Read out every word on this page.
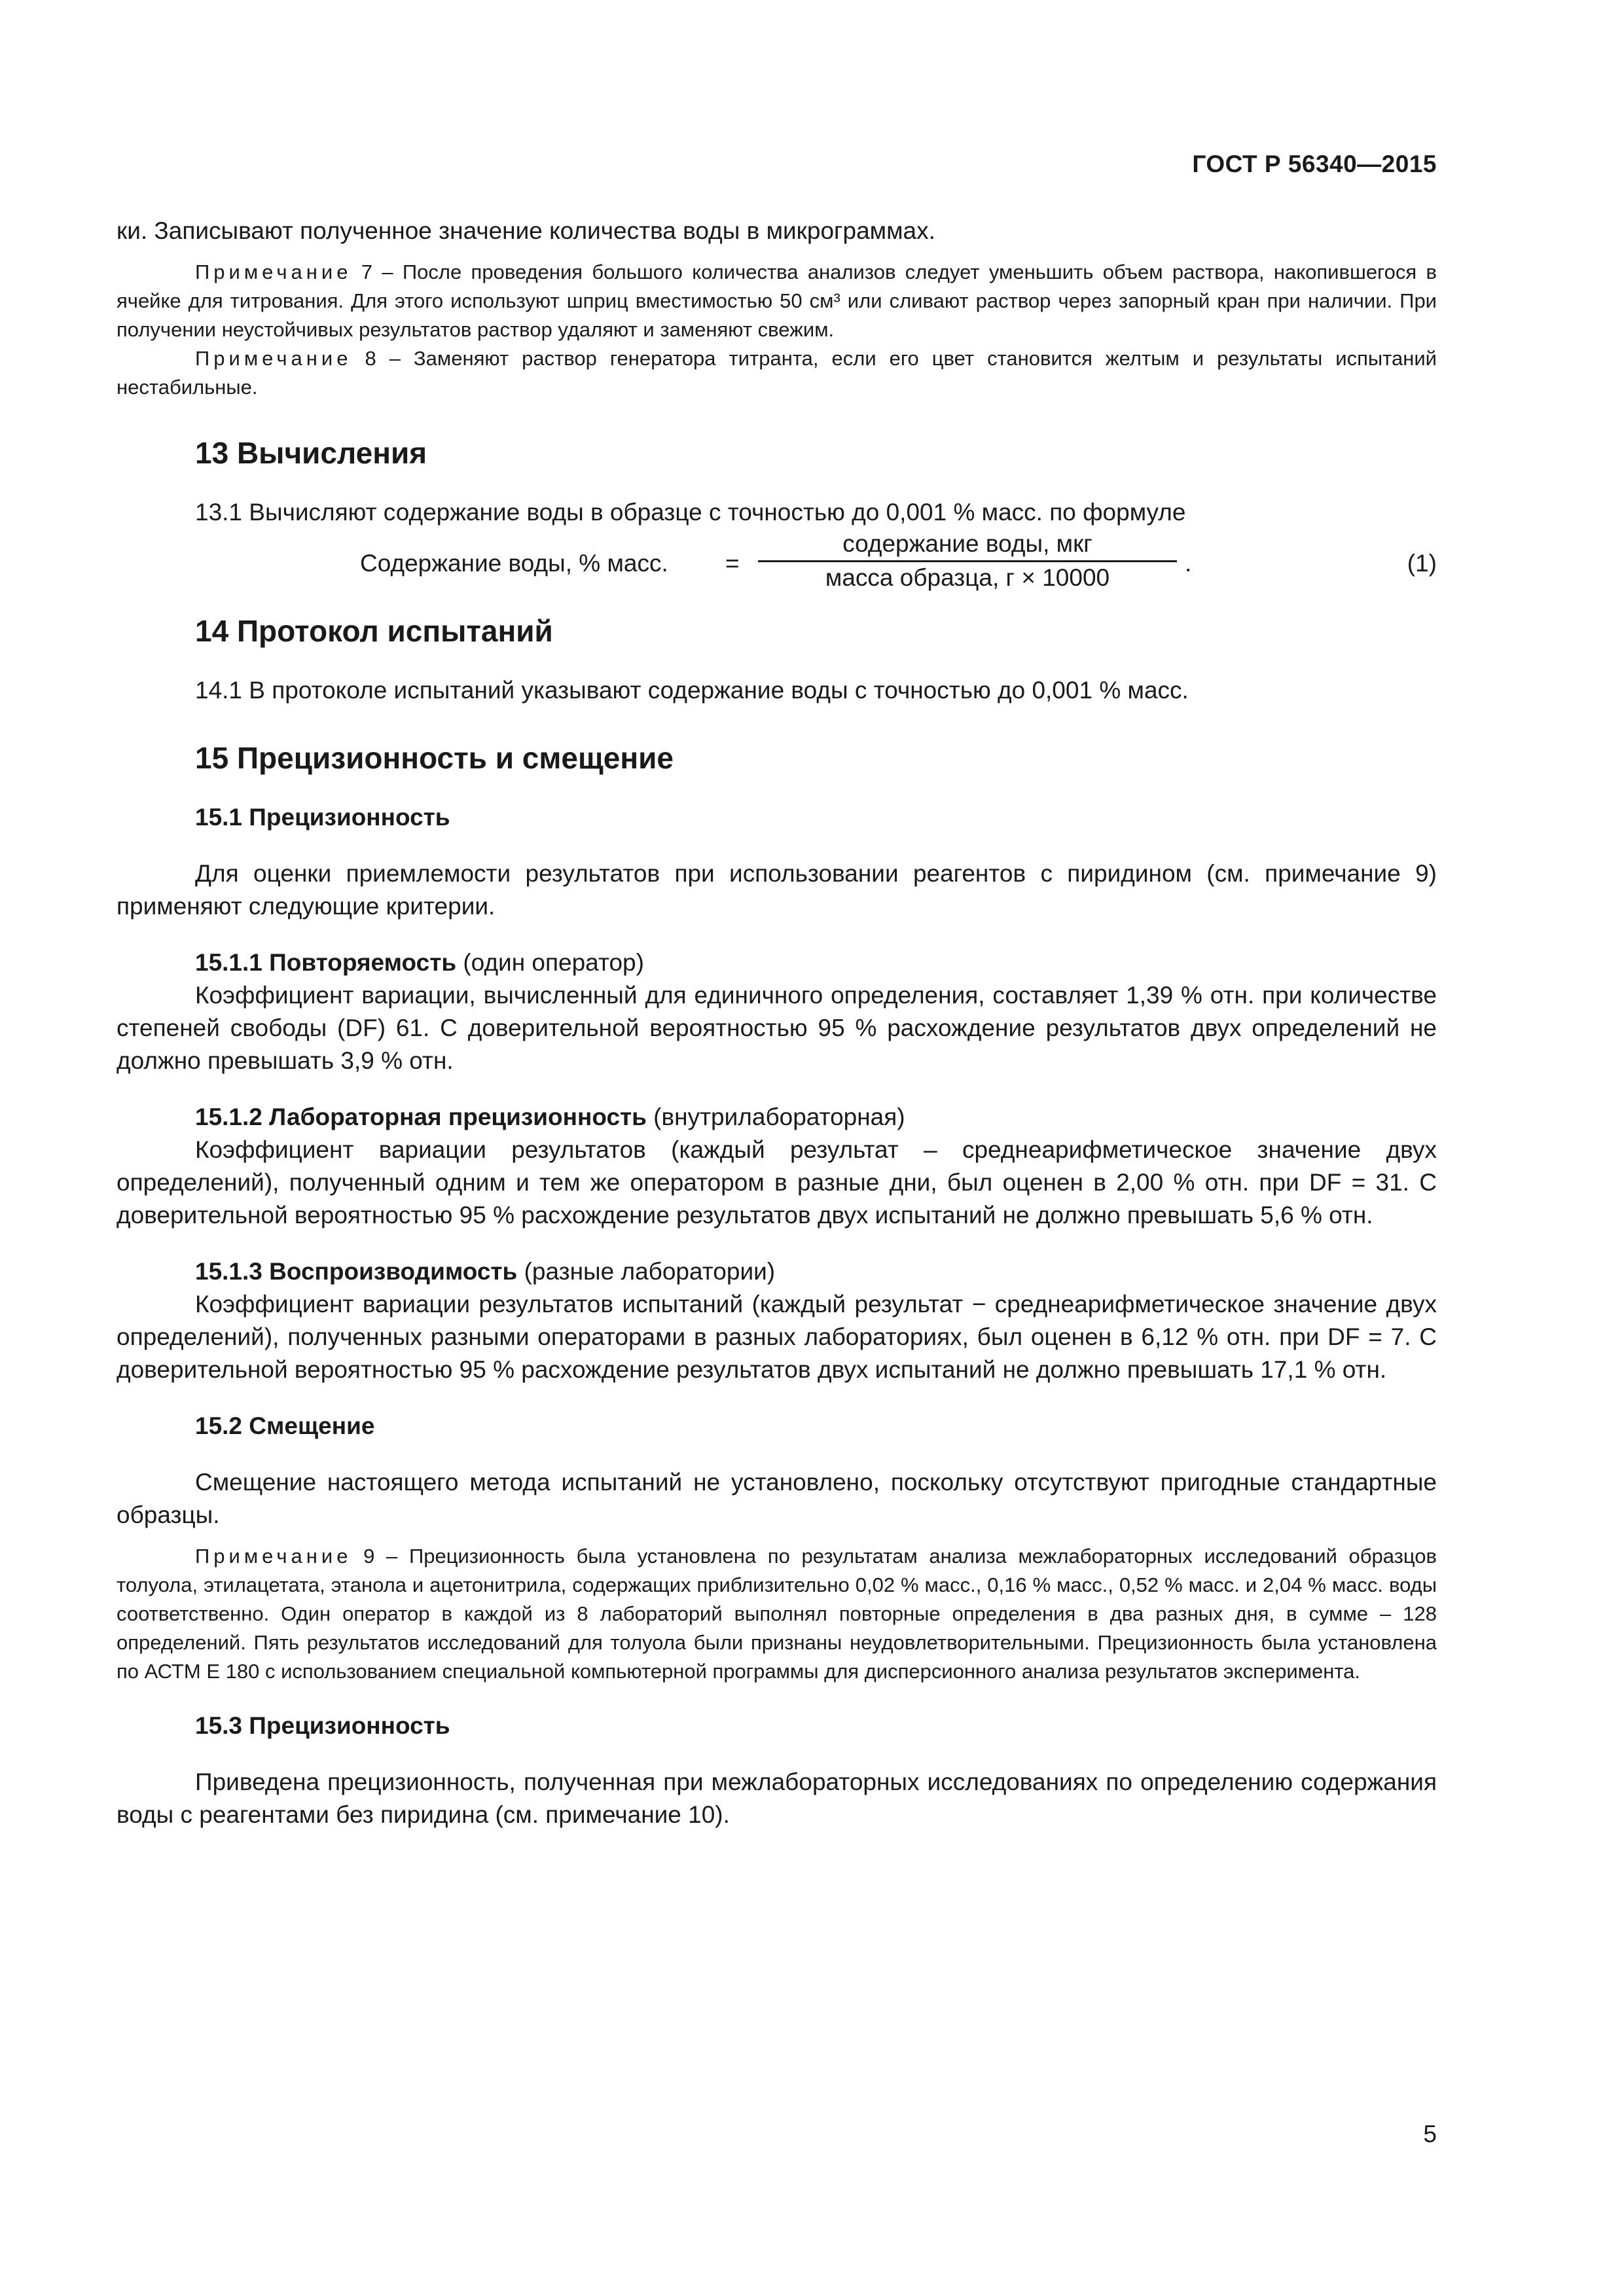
ГОСТ Р 56340—2015

ки. Записывают полученное значение количества воды в микрограммах.

Примечание 7 – После проведения большого количества анализов следует уменьшить объем раствора, накопившегося в ячейке для титрования. Для этого используют шприц вместимостью 50 см³ или сливают раствор через запорный кран при наличии. При получении неустойчивых результатов раствор удаляют и заменяют свежим.

Примечание 8 – Заменяют раствор генератора титранта, если его цвет становится желтым и результаты испытаний нестабильные.

13 Вычисления

13.1 Вычисляют содержание воды в образце с точностью до 0,001 % масс. по формуле

Содержание воды, % масс. =
содержание воды, мкг
масса образца, г × 10000
.	(1)
14 Протокол испытаний

14.1 В протоколе испытаний указывают содержание воды с точностью до 0,001 % масс.

15 Прецизионность и смещение
15.1 Прецизионность

Для оценки приемлемости результатов при использовании реагентов с пиридином (см. примечание 9) применяют следующие критерии.

15.1.1 Повторяемость (один оператор)

Коэффициент вариации, вычисленный для единичного определения, составляет 1,39 % отн. при количестве степеней свободы (DF) 61. С доверительной вероятностью 95 % расхождение результатов двух определений не должно превышать 3,9 % отн.

15.1.2 Лабораторная прецизионность (внутрилабораторная)

Коэффициент вариации результатов (каждый результат – среднеарифметическое значение двух определений), полученный одним и тем же оператором в разные дни, был оценен в 2,00 % отн. при DF = 31. С доверительной вероятностью 95 % расхождение результатов двух испытаний не должно превышать 5,6 % отн.

15.1.3 Воспроизводимость (разные лаборатории)

Коэффициент вариации результатов испытаний (каждый результат − среднеарифметическое значение двух определений), полученных разными операторами в разных лабораториях, был оценен в 6,12 % отн. при DF = 7. С доверительной вероятностью 95 % расхождение результатов двух испытаний не должно превышать 17,1 % отн.

15.2 Смещение

Смещение настоящего метода испытаний не установлено, поскольку отсутствуют пригодные стандартные образцы.

Примечание 9 – Прецизионность была установлена по результатам анализа межлабораторных исследований образцов толуола, этилацетата, этанола и ацетонитрила, содержащих приблизительно 0,02 % масс., 0,16 % масс., 0,52 % масс. и 2,04 % масс. воды соответственно. Один оператор в каждой из 8 лабораторий выполнял повторные определения в два разных дня, в сумме – 128 определений. Пять результатов исследований для толуола были признаны неудовлетворительными. Прецизионность была установлена по АСТМ Е 180 с использованием специальной компьютерной программы для дисперсионного анализа результатов эксперимента.

15.3 Прецизионность

Приведена прецизионность, полученная при межлабораторных исследованиях по определению содержания воды с реагентами без пиридина (см. примечание 10).

5
